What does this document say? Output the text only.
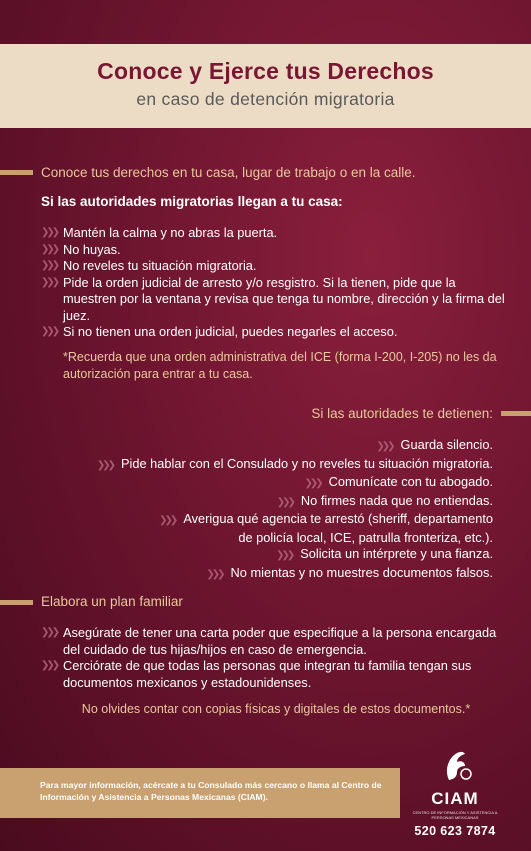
Conoce y Ejerce tus Derechos
en caso de detención migratoria
Conoce tus derechos en tu casa, lugar de trabajo o en la calle.
Si las autoridades migratorias llegan a tu casa:
❯❯❯ Mantén la calma y no abras la puerta.
❯❯❯ No huyas.
❯❯❯ No reveles tu situación migratoria.
❯❯❯ Pide la orden judicial de arresto y/o resgistro. Si la tienen, pide que la muestren por la ventana y revisa que tenga tu nombre, dirección y la firma del juez.
❯❯❯ Si no tienen una orden judicial, puedes negarles el acceso.
*Recuerda que una orden administrativa del ICE (forma I-200, I-205) no les da autorización para entrar a tu casa.
Si las autoridades te detienen:
❯❯❯ Guarda silencio.
❯❯❯ Pide hablar con el Consulado y no reveles tu situación migratoria.
❯❯❯ Comunícate con tu abogado.
❯❯❯ No firmes nada que no entiendas.
❯❯❯ Averigua qué agencia te arrestó (sheriff, departamento
de policía local, ICE, patrulla fronteriza, etc.).
❯❯❯ Solicita un intérprete y una fianza.
❯❯❯ No mientas y no muestres documentos falsos.
Elabora un plan familiar
❯❯❯ Asegúrate de tener una carta poder que especifique a la persona encargada del cuidado de tus hijas/hijos en caso de emergencia.
❯❯❯ Cerciórate de que todas las personas que integran tu familia tengan sus documentos mexicanos y estadounidenses.
No olvides contar con copias físicas y digitales de estos documentos.*
Para mayor información, acércate a tu Consulado más cercano o llama al Centro de Información y Asistencia a Personas Mexicanas (CIAM).	CIAM
CENTRO DE INFORMACIÓN Y ASISTENCIA A PERSONAS MEXICANAS
520 623 7874
